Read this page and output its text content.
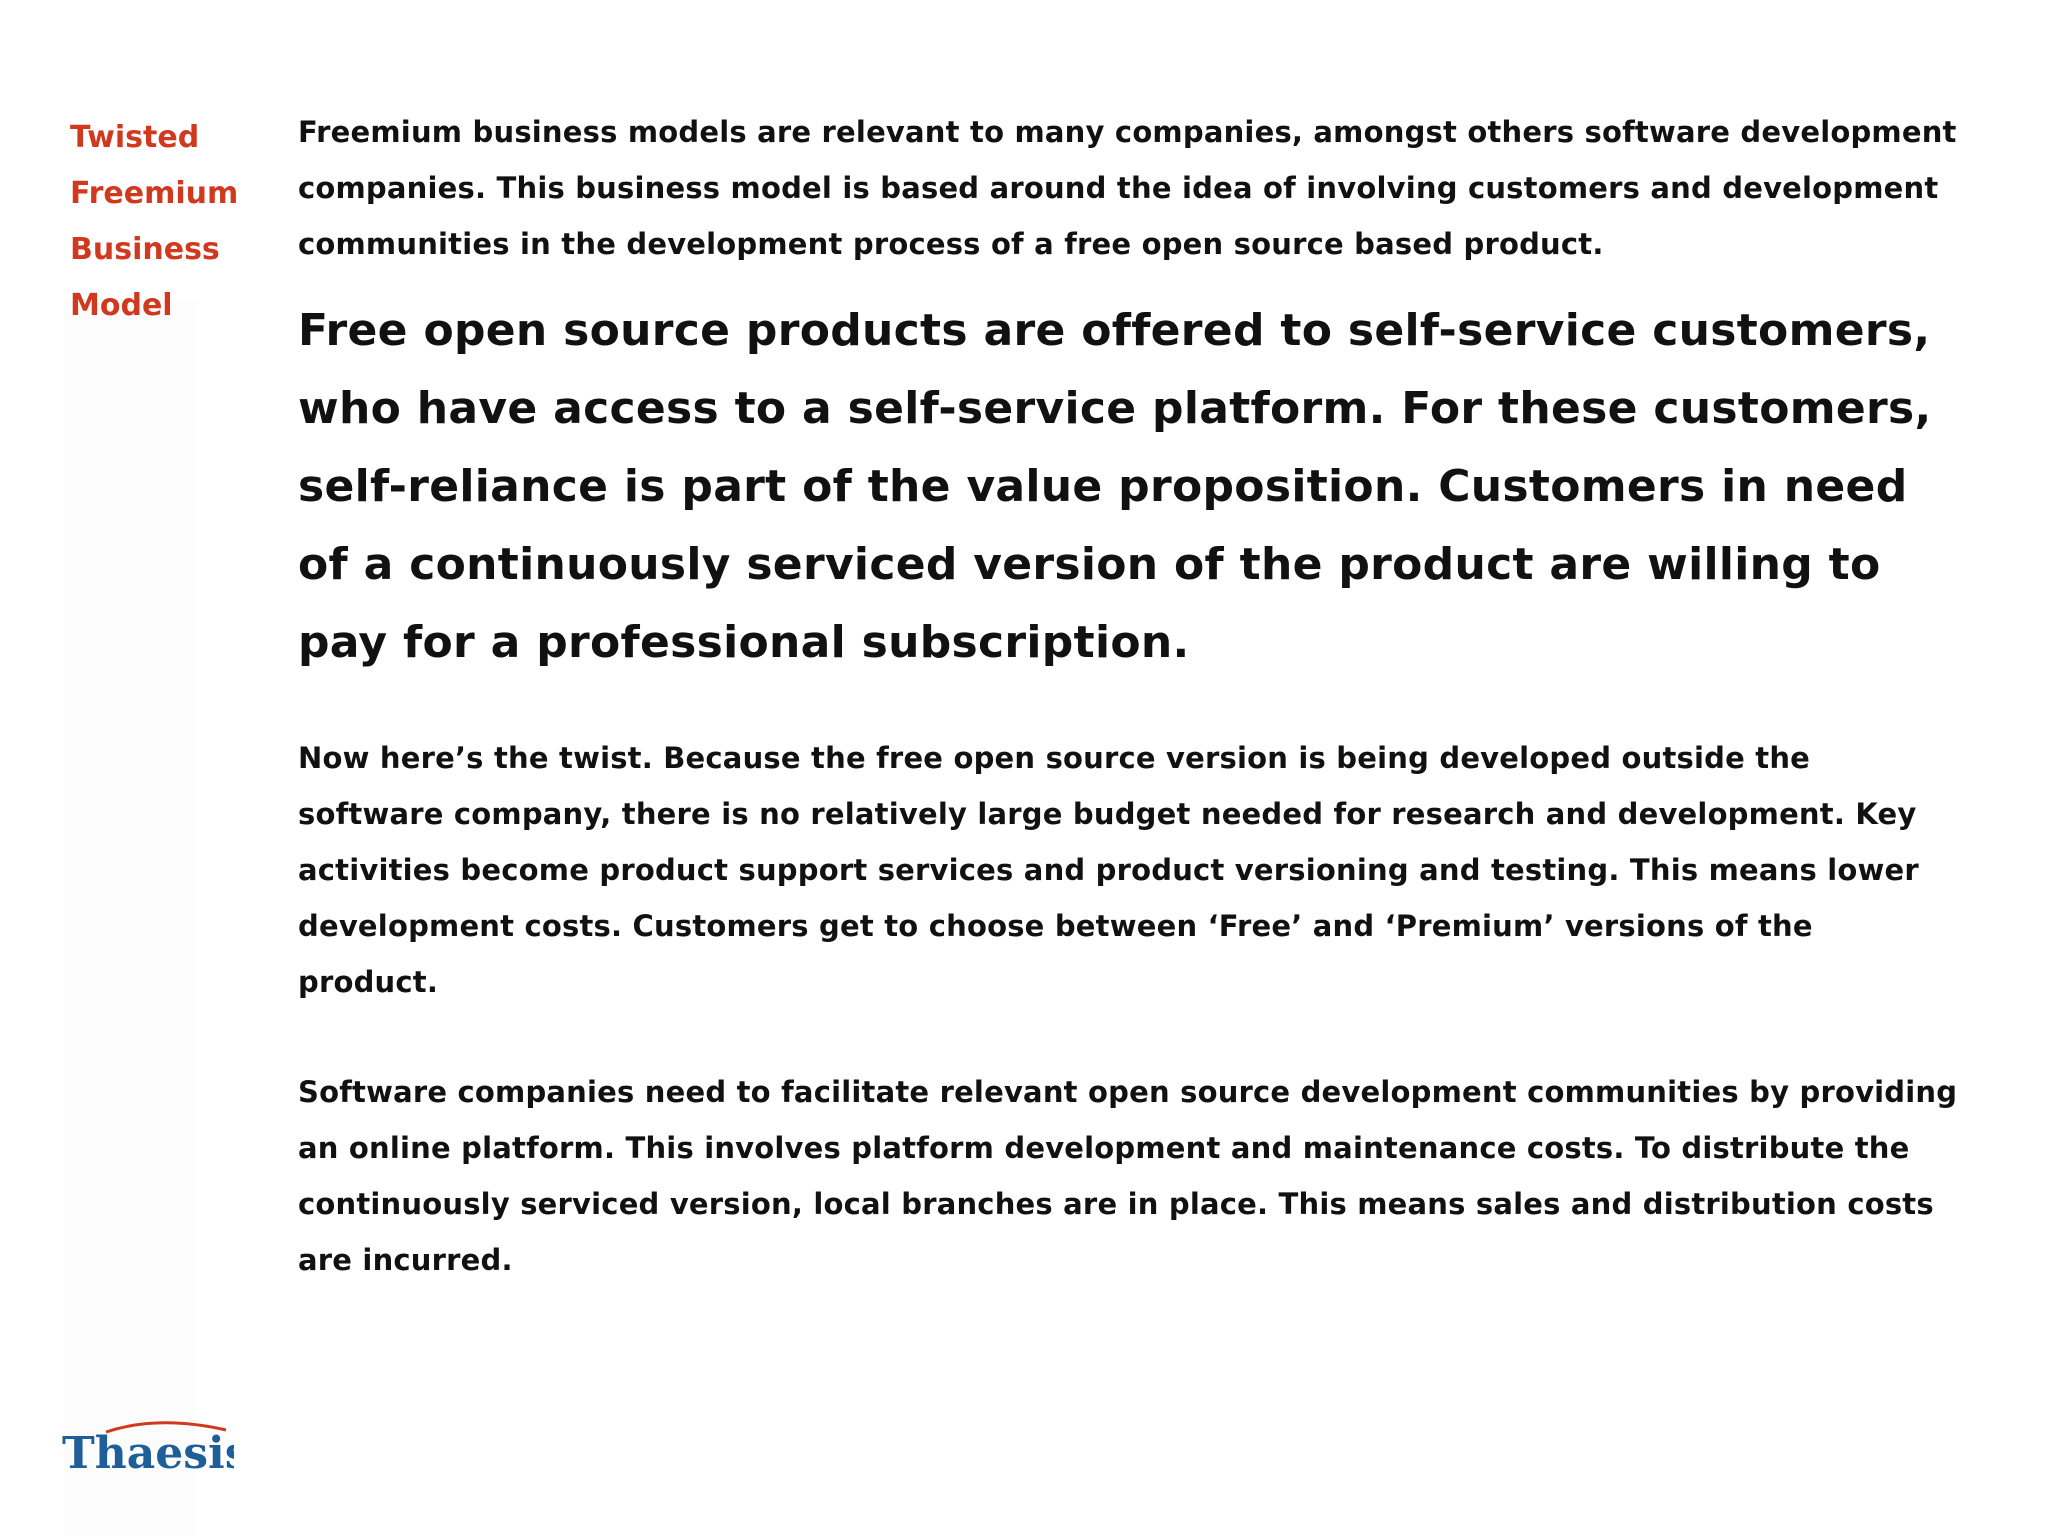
Twisted
Freemium
Business
Model

Freemium business models are relevant to many companies, amongst others software development companies. This business model is based around the idea of involving customers and development communities in the development process of a free open source based product.

Free open source products are offered to self-service customers, who have access to a self-service platform. For these customers, self-reliance is part of the value proposition. Customers in need of a continuously serviced version of the product are willing to pay for a professional subscription.

Now here’s the twist. Because the free open source version is being developed outside the software company, there is no relatively large budget needed for research and development. Key activities become product support services and product versioning and testing. This means lower development costs. Customers get to choose between ‘Free’ and ‘Premium’ versions of the product.

Software companies need to facilitate relevant open source development communities by providing an online platform. This involves platform development and maintenance costs. To distribute the continuously serviced version, local branches are in place. This means sales and distribution costs are incurred.

Thaesis
